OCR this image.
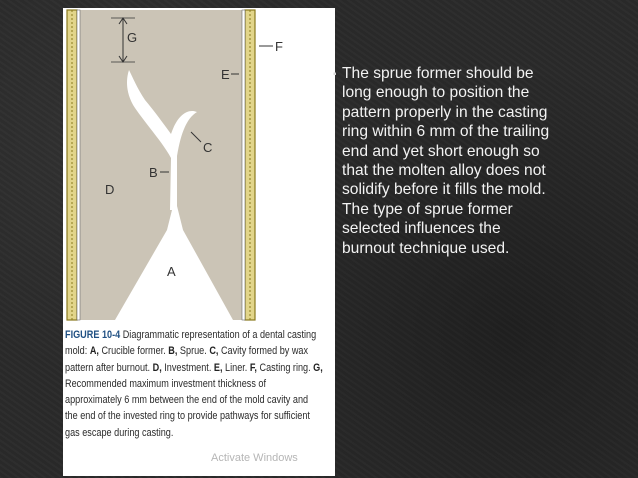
G
F
E
C
B
D
A
FIGURE 10-4 Diagrammatic representation of a dental casting mold: A, Crucible former. B, Sprue. C, Cavity formed by wax pattern after burnout. D, Investment. E, Liner. F, Casting ring. G, Recommended maximum investment thickness of approximately 6 mm between the end of the mold cavity and the end of the invested ring to provide pathways for sufficient gas escape during casting.
Activate Windows
▪ The sprue former should be long enough to position the pattern properly in the casting ring within 6 mm of the trailing end and yet short enough so that the molten alloy does not solidify before it fills the mold. The type of sprue former selected influences the burnout technique used.
